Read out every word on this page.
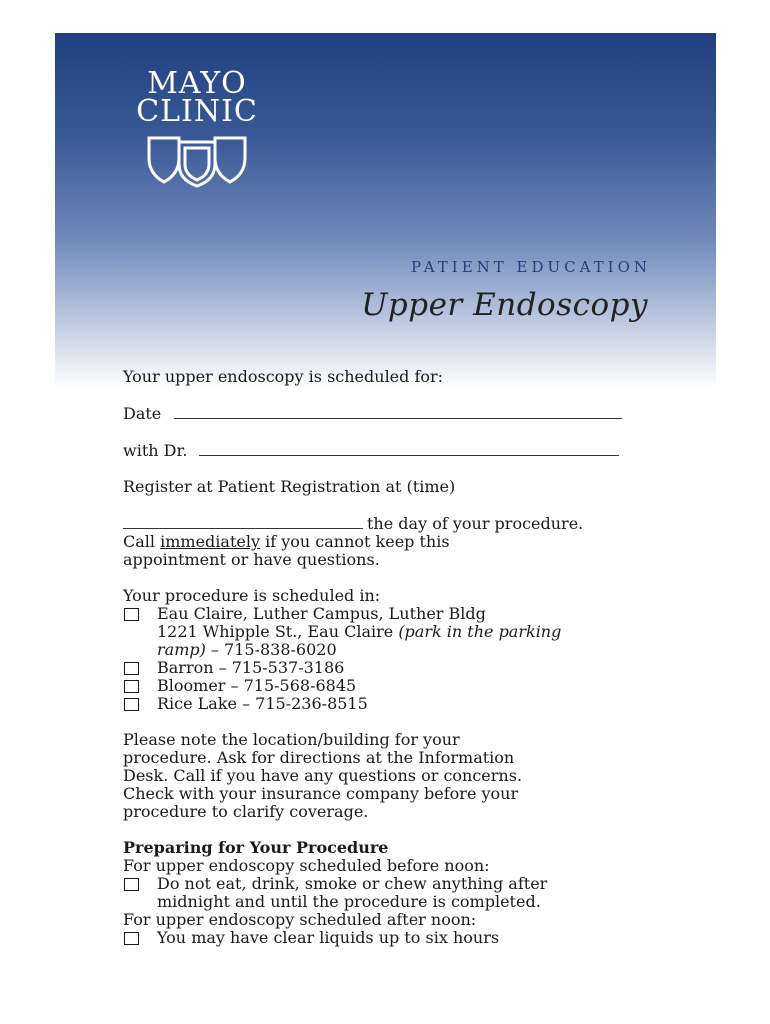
MAYO
CLINIC
PATIENT EDUCATION
Upper Endoscopy

Your upper endoscopy is scheduled for:

Date
with Dr.

Register at Patient Registration at (time)

the day of your procedure.
Call immediately if you cannot keep this
appointment or have questions.
Your procedure is scheduled in:
Eau Claire, Luther Campus, Luther Bldg
1221 Whipple St., Eau Claire (park in the parking
ramp) – 715-838-6020
Barron – 715-537-3186
Bloomer – 715-568-6845
Rice Lake – 715-236-8515
Please note the location/building for your
procedure. Ask for directions at the Information
Desk. Call if you have any questions or concerns.
Check with your insurance company before your
procedure to clarify coverage.
Preparing for Your Procedure
For upper endoscopy scheduled before noon:
Do not eat, drink, smoke or chew anything after
midnight and until the procedure is completed.
For upper endoscopy scheduled after noon:
You may have clear liquids up to six hours
